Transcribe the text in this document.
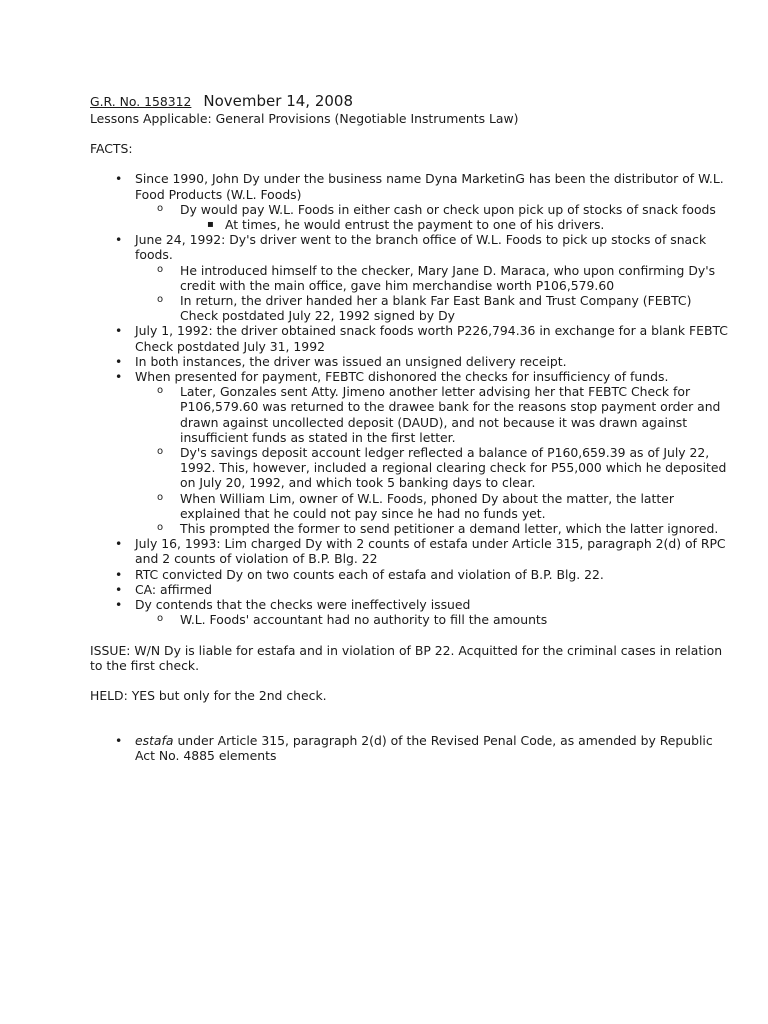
G.R. No. 158312 November 14, 2008
Lessons Applicable: General Provisions (Negotiable Instruments Law)
FACTS:
• Since 1990, John Dy under the business name Dyna MarketinG has been the distributor of W.L. Food Products (W.L. Foods)
o Dy would pay W.L. Foods in either cash or check upon pick up of stocks of snack foods
▪ At times, he would entrust the payment to one of his drivers.
• June 24, 1992: Dy's driver went to the branch office of W.L. Foods to pick up stocks of snack foods.
o He introduced himself to the checker, Mary Jane D. Maraca, who upon confirming Dy's credit with the main office, gave him merchandise worth P106,579.60
o In return, the driver handed her a blank Far East Bank and Trust Company (FEBTC) Check postdated July 22, 1992 signed by Dy
• July 1, 1992: the driver obtained snack foods worth P226,794.36 in exchange for a blank FEBTC Check postdated July 31, 1992
• In both instances, the driver was issued an unsigned delivery receipt.
• When presented for payment, FEBTC dishonored the checks for insufficiency of funds.
o Later, Gonzales sent Atty. Jimeno another letter advising her that FEBTC Check for P106,579.60 was returned to the drawee bank for the reasons stop payment order and drawn against uncollected deposit (DAUD), and not because it was drawn against insufficient funds as stated in the first letter.
o Dy's savings deposit account ledger reflected a balance of P160,659.39 as of July 22, 1992. This, however, included a regional clearing check for P55,000 which he deposited on July 20, 1992, and which took 5 banking days to clear.
o When William Lim, owner of W.L. Foods, phoned Dy about the matter, the latter explained that he could not pay since he had no funds yet.
o This prompted the former to send petitioner a demand letter, which the latter ignored.
• July 16, 1993: Lim charged Dy with 2 counts of estafa under Article 315, paragraph 2(d) of RPC and 2 counts of violation of B.P. Blg. 22
• RTC convicted Dy on two counts each of estafa and violation of B.P. Blg. 22.
• CA: affirmed
• Dy contends that the checks were ineffectively issued
o W.L. Foods' accountant had no authority to fill the amounts
ISSUE: W/N Dy is liable for estafa and in violation of BP 22. Acquitted for the criminal cases in relation to the first check.
HELD: YES but only for the 2nd check.
• estafa under Article 315, paragraph 2(d) of the Revised Penal Code, as amended by Republic Act No. 4885 elements
